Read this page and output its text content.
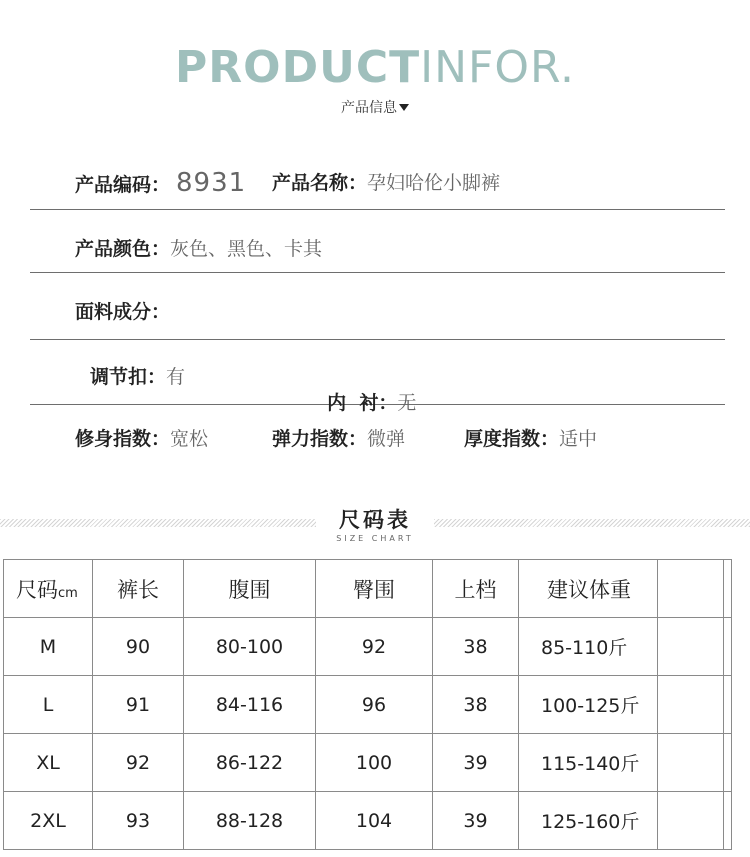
PRODUCTINFOR.
产品信息
产品编码： 8931 产品名称：孕妇哈伦小脚裤
产品颜色：灰色、黑色、卡其
面料成分：
调节扣：有

内  衬：无

修身指数：宽松	弹力指数：微弹	厚度指数：适中
尺码表
SIZE CHART
尺码cm	裤长	腹围	臀围	上档	建议体重		
M	90	80-100	92	38	85-110斤		
L	91	84-116	96	38	100-125斤		
XL	92	86-122	100	39	115-140斤		
2XL	93	88-128	104	39	125-160斤		
